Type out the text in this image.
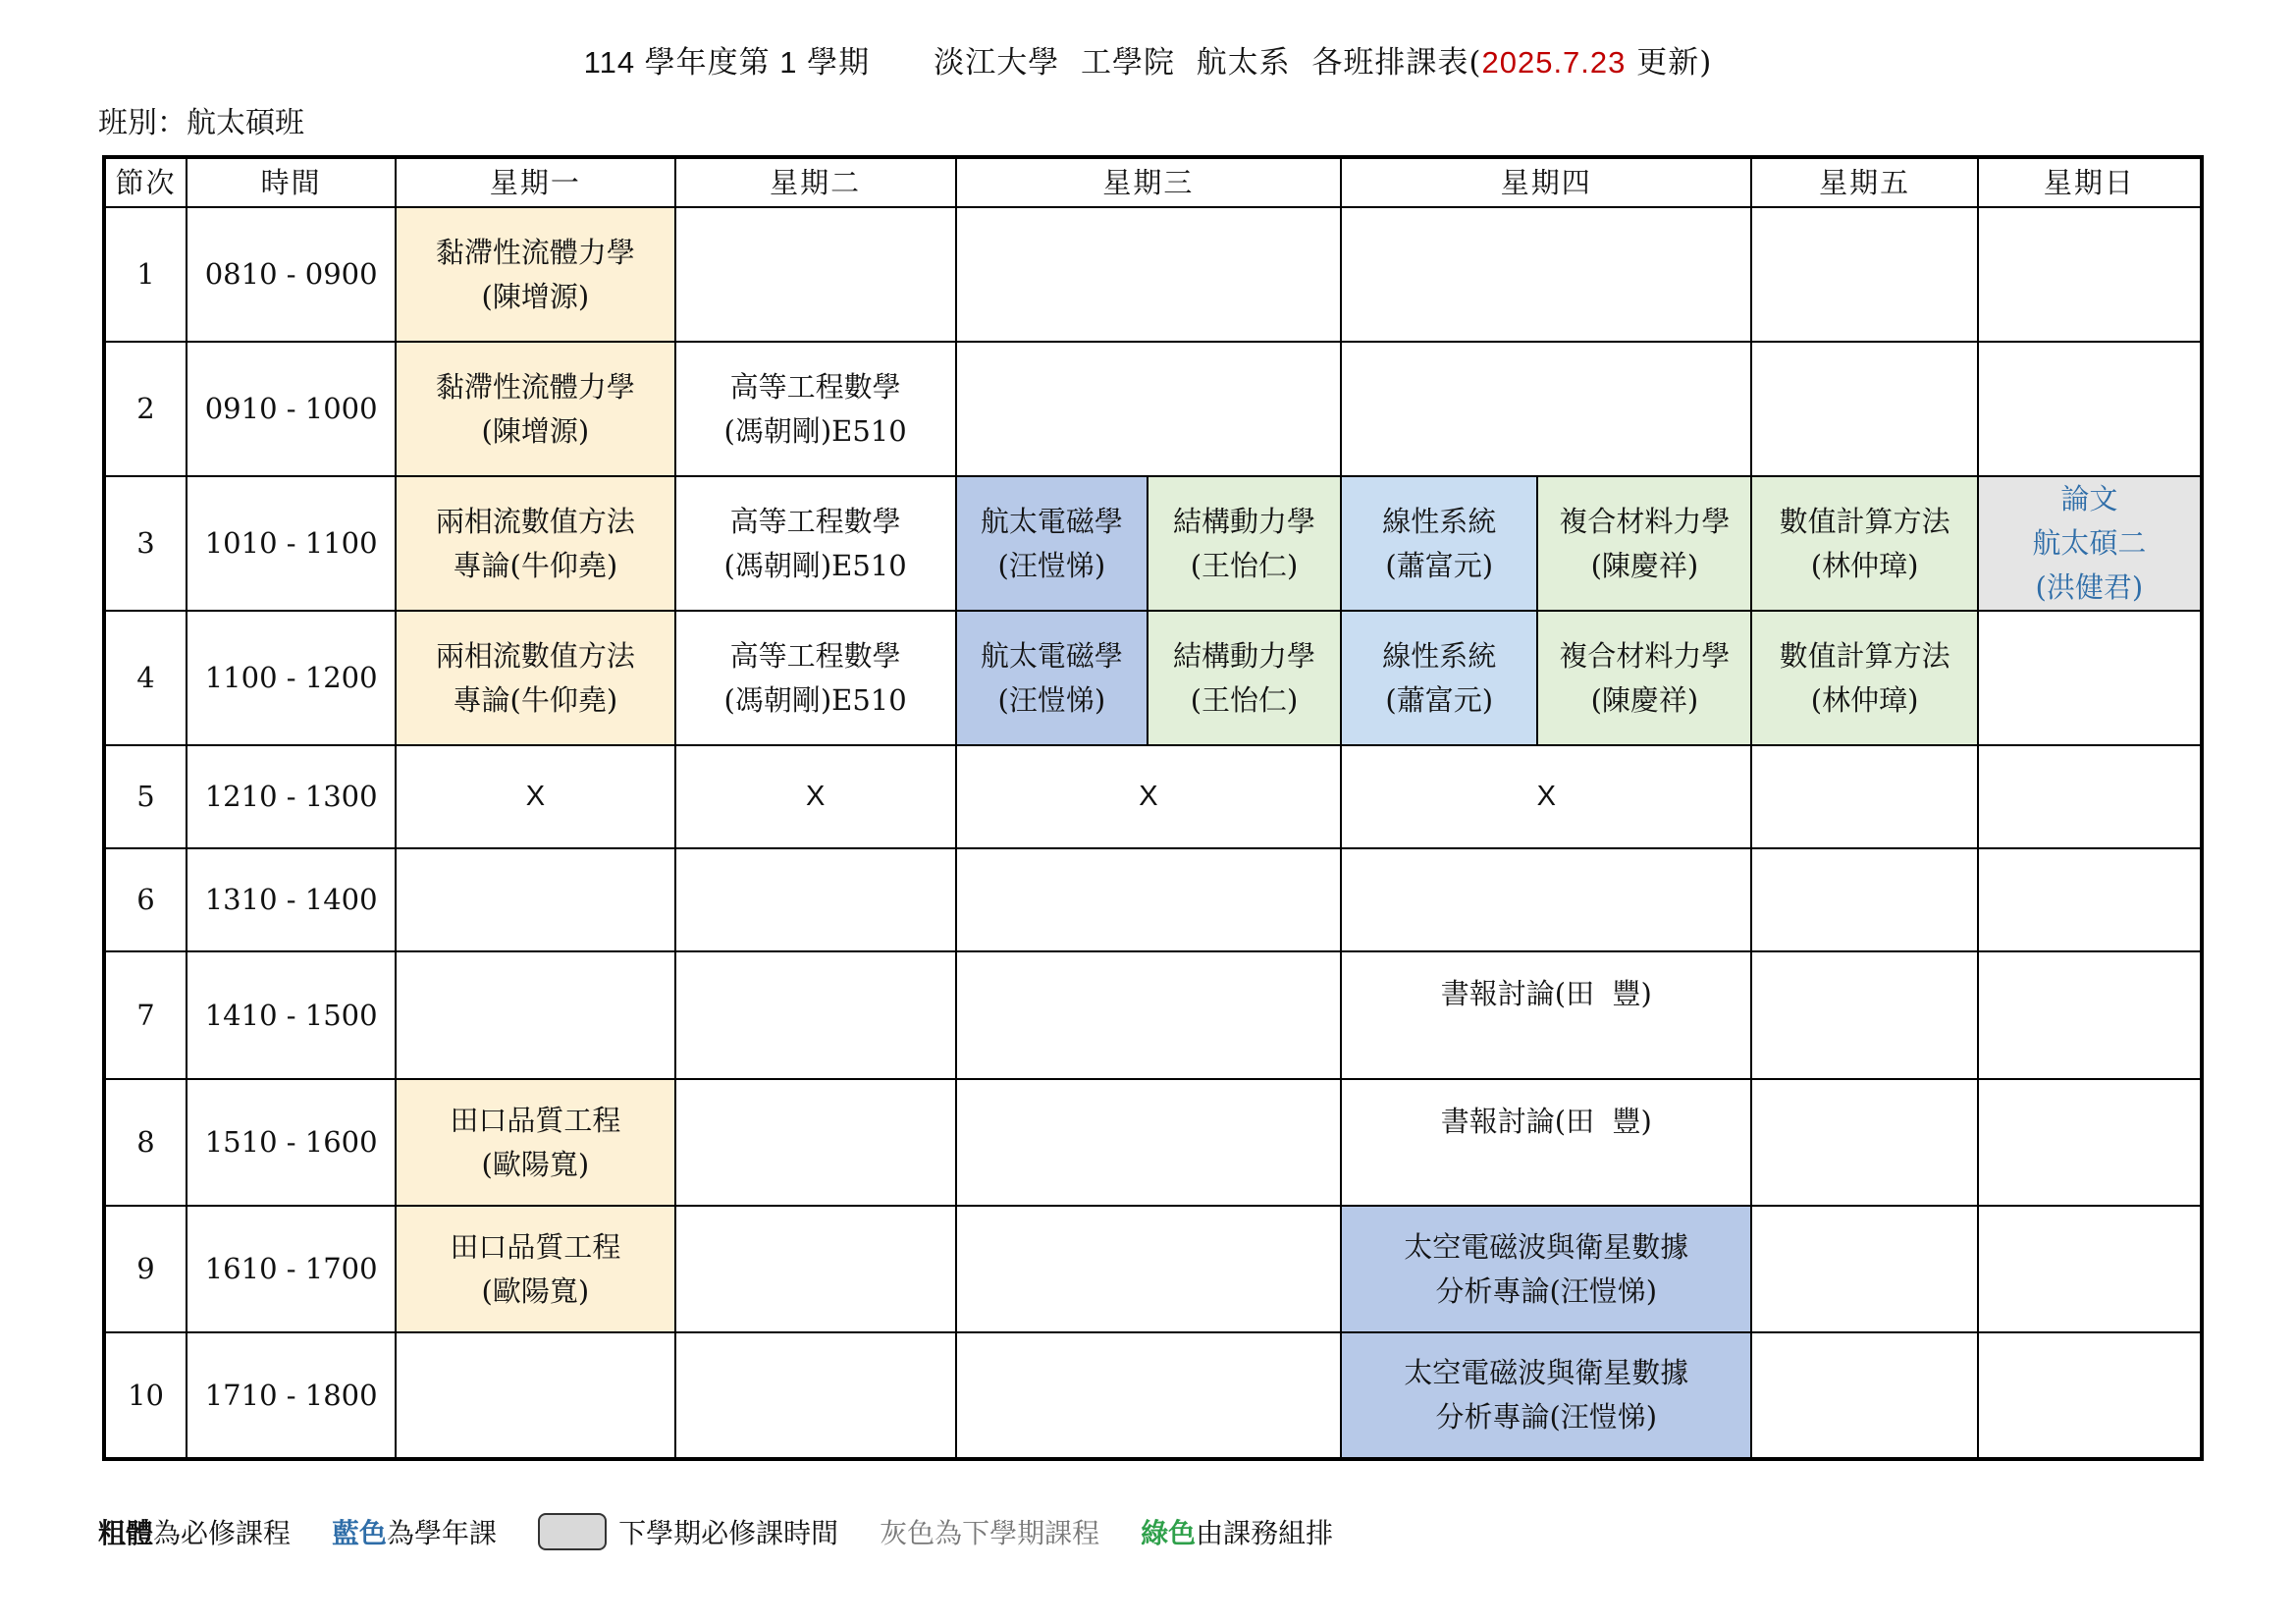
114 學年度第 1 學期 淡江大學  工學院  航太系  各班排課表(2025.7.23 更新)
班別：航太碩班
節次	時間	星期一	星期二	星期三		星期四		星期五	星期日
1	0810 - 0900	黏滯性流體力學
(陳增源)							

2	0910 - 1000	黏滯性流體力學
(陳增源)	高等工程數學
(馮朝剛)E510						

3	1010 - 1100	兩相流數值方法
專論(牛仰堯)	高等工程數學
(馮朝剛)E510	航太電磁學
(汪愷悌)	結構動力學
(王怡仁)	線性系統
(蕭富元)	複合材料力學
(陳慶祥)	數值計算方法
(林仲璋)	論文
航太碩二
(洪健君)

4	1100 - 1200	兩相流數值方法
專論(牛仰堯)	高等工程數學
(馮朝剛)E510	航太電磁學
(汪愷悌)	結構動力學
(王怡仁)	線性系統
(蕭富元)	複合材料力學
(陳慶祥)	數值計算方法
(林仲璋)	

5	1210 - 1300	X	X	X		X			
6	1310 - 1400								
7	1410 - 1500					書報討論(田  豐)			

8	1510 - 1600	田口品質工程
(歐陽寬)				書報討論(田  豐)			

9	1610 - 1700	田口品質工程
(歐陽寬)				太空電磁波與衛星數據
分析專論(汪愷悌)			

10	1710 - 1800					太空電磁波與衛星數據
分析專論(汪愷悌)			

粗體 為必修課程 藍色 為學年課	下學期必修課時間 灰色為下學期課程 綠色 由課務組排
